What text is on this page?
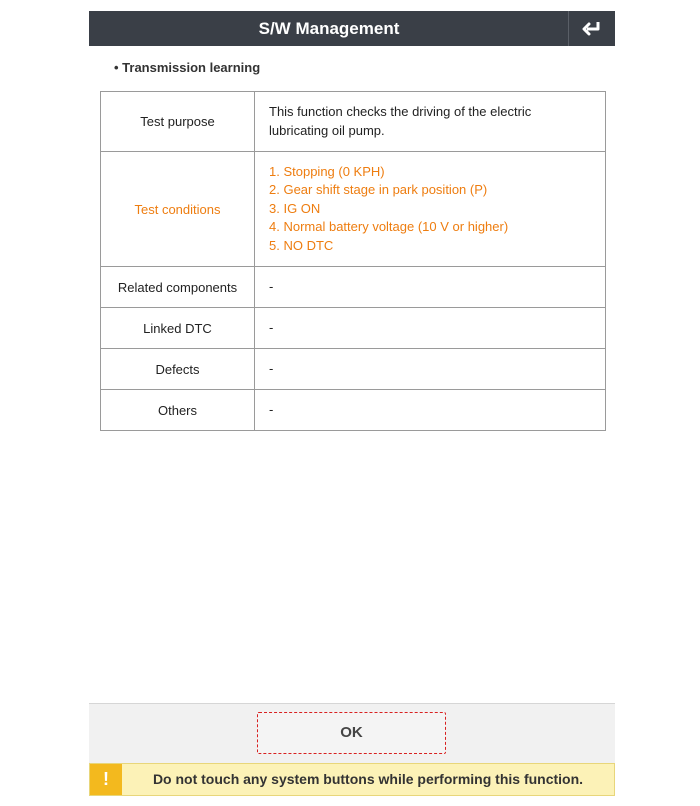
S/W Management
• Transmission learning
Test purpose	This function checks the driving of the electric
lubricating oil pump.

Test conditions	1. Stopping (0 KPH)
2. Gear shift stage in park position (P)
3. IG ON
4. Normal battery voltage (10 V or higher)
5. NO DTC

Related components	-
Linked DTC	-
Defects	-
Others	-
OK
!	Do not touch any system buttons while performing this function.
